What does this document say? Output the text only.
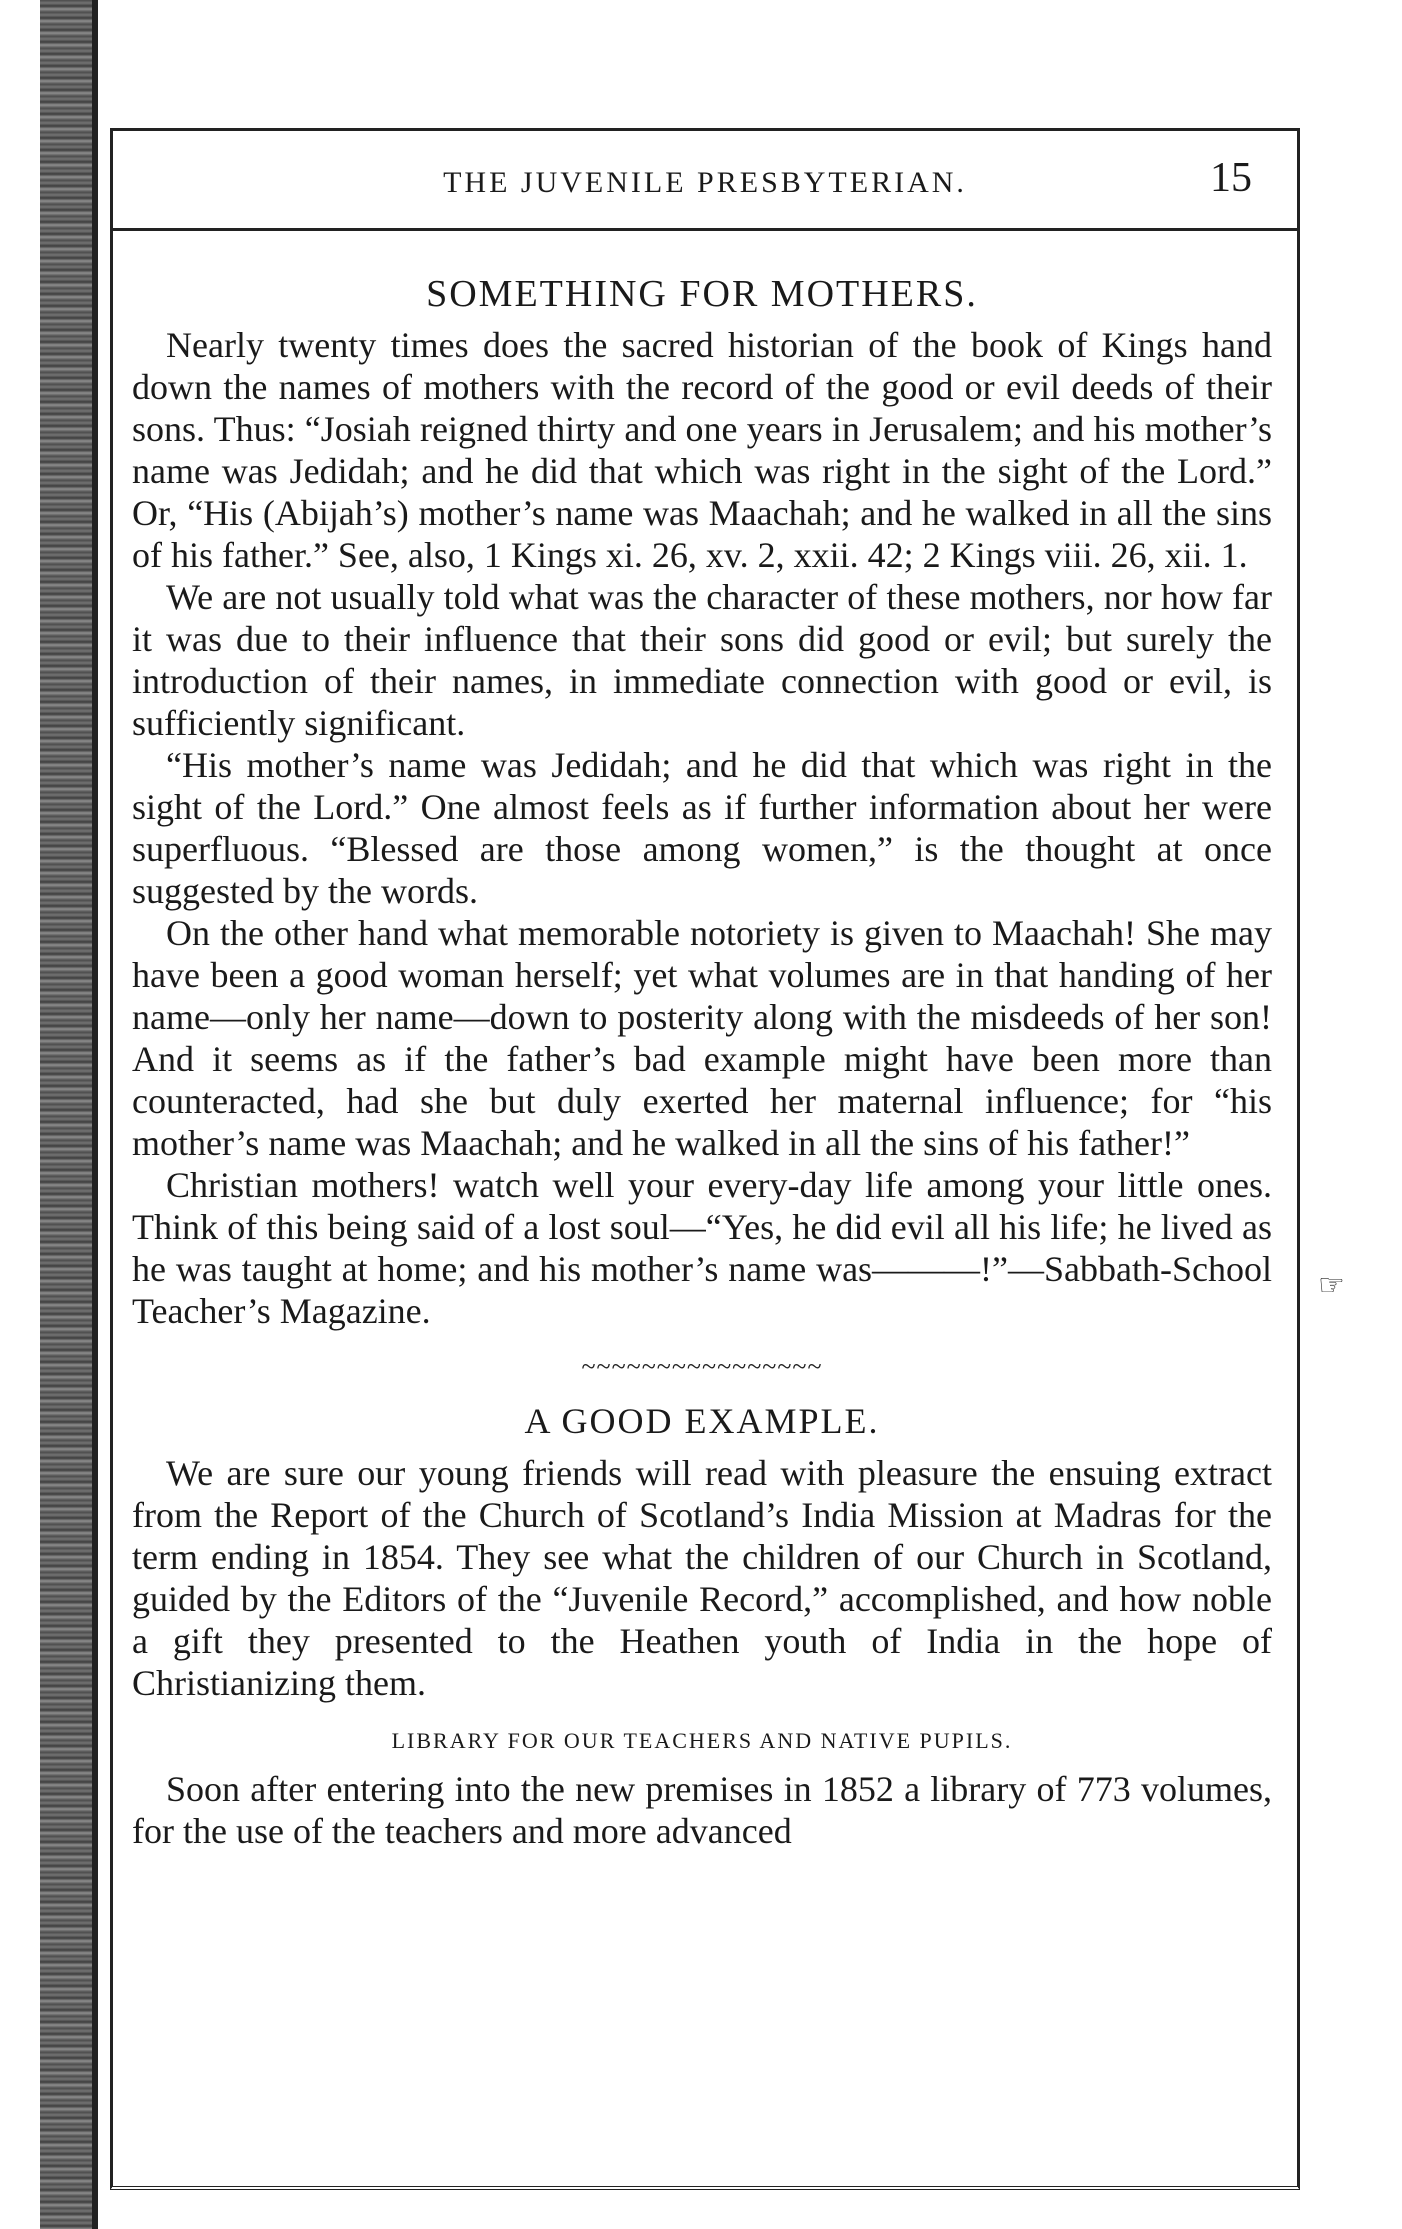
THE JUVENILE PRESBYTERIAN.	15
SOMETHING FOR MOTHERS.

Nearly twenty times does the sacred historian of the book of Kings hand down the names of mothers with the record of the good or evil deeds of their sons. Thus: “Josiah reigned thirty and one years in Jerusalem; and his mother’s name was Jedidah; and he did that which was right in the sight of the Lord.” Or, “His (Abijah’s) mother’s name was Maachah; and he walked in all the sins of his father.” See, also, 1 Kings xi. 26, xv. 2, xxii. 42; 2 Kings viii. 26, xii. 1.

We are not usually told what was the character of these mothers, nor how far it was due to their influence that their sons did good or evil; but surely the introduction of their names, in immediate connection with good or evil, is sufficiently significant.

“His mother’s name was Jedidah; and he did that which was right in the sight of the Lord.” One almost feels as if further information about her were superfluous. “Blessed are those among women,” is the thought at once suggested by the words.

On the other hand what memorable notoriety is given to Maachah! She may have been a good woman herself; yet what volumes are in that handing of her name—only her name—down to posterity along with the misdeeds of her son! And it seems as if the father’s bad example might have been more than counteracted, had she but duly exerted her maternal influence; for “his mother’s name was Maachah; and he walked in all the sins of his father!”

Christian mothers! watch well your every-day life among your little ones. Think of this being said of a lost soul—“Yes, he did evil all his life; he lived as he was taught at home; and his mother’s name was———!”—Sabbath-School Teacher’s Magazine.

~~~~~~~~~~~~~~~~
A GOOD EXAMPLE.

We are sure our young friends will read with pleasure the ensuing extract from the Report of the Church of Scotland’s India Mission at Madras for the term ending in 1854. They see what the children of our Church in Scotland, guided by the Editors of the “Juvenile Record,” accomplished, and how noble a gift they presented to the Heathen youth of India in the hope of Christianizing them.

LIBRARY FOR OUR TEACHERS AND NATIVE PUPILS.

Soon after entering into the new premises in 1852 a library of 773 volumes, for the use of the teachers and more advanced

☞
